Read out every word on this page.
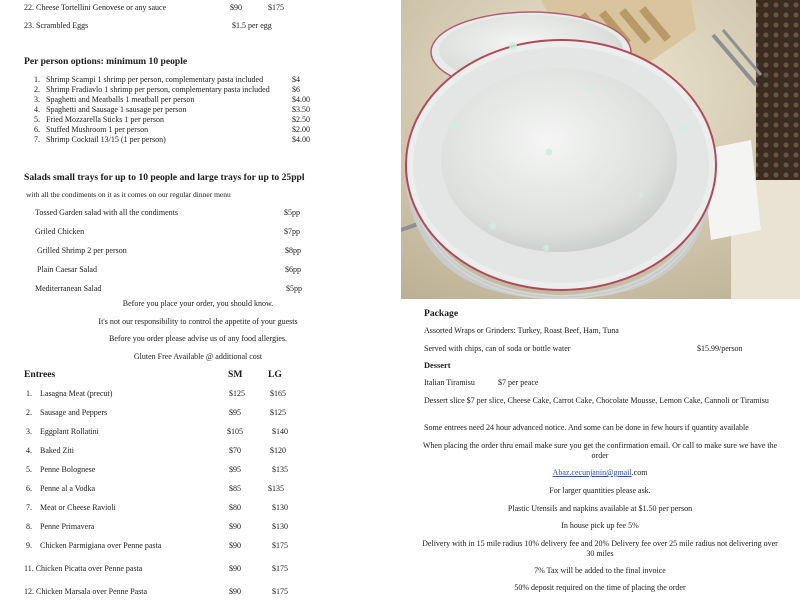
22. Cheese Tortellini Genovese or any sauce	$90	$175
23. Scrambled Eggs	$1.5 per egg
Per person options: minimum 10 people
1. Shrimp Scampi 1 shrimp per person, complementary pasta included	$4
2. Shrimp Fradiavlo 1 shrimp per person, complementary pasta included	$6
3. Spaghetti and Meatballs 1 meatball per person	$4.00
4. Spaghetti and Sausage 1 sausage per person	$3.50
5. Fried Mozzarella Sticks 1 per person	$2.50
6. Stuffed Mushroom 1 per person	$2.00
7. Shrimp Cocktail 13/15 (1 per person)	$4.00
Salads small trays for up to 10 people and large trays for up to 25ppl
with all the condiments on it as it comes on our regular dinner menu
Tossed Garden salad with all the condiments	$5pp
Griled Chicken	$7pp
Grilled Shrimp 2 per person	$8pp
Plain Caesar Salad	$6pp
Mediterranean Salad	$5pp
Before you place your order, you should know.
It's not our responsibility to control the appetite of your guests
Before you order please advise us of any food allergies.
Gluten Free Available @ additional cost
Entrees	SM	LG
1. Lasagna Meat (precut)	$125	$165
2. Sausage and Peppers	$95	$125
3. Eggplant Rollatini	$105	$140
4. Baked Ziti	$70	$120
5. Penne Bolognese	$95	$135
6. Penne al a Vodka	$85	$135
7. Meat or Cheese Ravioli	$80	$130
8. Penne Primavera	$90	$130
9. Chicken Parmigiana over Penne pasta	$90	$175
11. Chicken Picatta over Penne pasta	$90	$175
12. Chicken Marsala over Penne Pasta	$90	$175
Package
Assorted Wraps or Grinders: Turkey, Roast Beef, Ham, Tuna
Served with chips, can of soda or bottle water	$15.99/person
Dessert
Italian Tiramisu	$7 per peace
Dessert slice $7 per slice, Cheese Cake, Carrot Cake, Chocolate Mousse, Lemon Cake, Cannoli or Tiramisu
Some entrees need 24 hour advanced notice. And some can be done in few hours if quantity available
When placing the order thru email make sure you get the confirmation email. Or call to make sure we have the order
Abaz.cecunjanin@gmail.com
For larger quantities please ask.
Plastic Utensils and napkins available at $1.50 per person
In house pick up fee 5%
Delivery with in 15 mile radius 10% delivery fee and 20% Delivery fee over 25 mile radius not delivering over 30 miles
7% Tax will be added to the final invoice
50% deposit required on the time of placing the order
